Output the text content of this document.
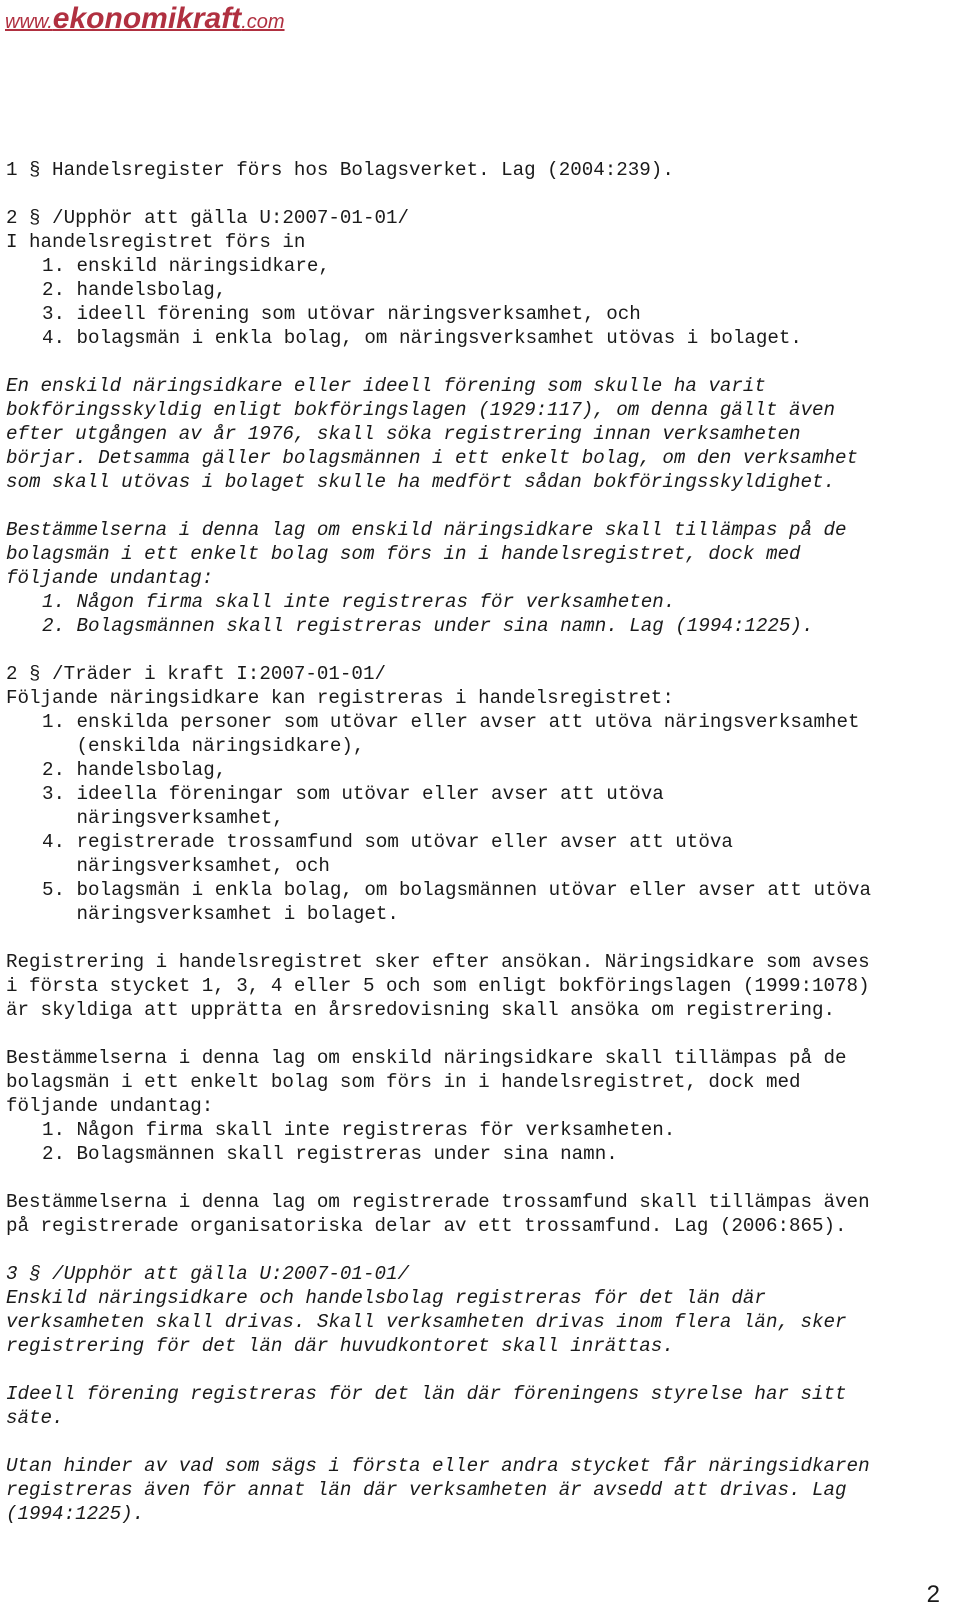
www.ekonomikraft.com
1 § Handelsregister förs hos Bolagsverket. Lag (2004:239).
2 § /Upphör att gälla U:2007-01-01/
I handelsregistret förs in
1. enskild näringsidkare,
2. handelsbolag,
3. ideell förening som utövar näringsverksamhet, och
4. bolagsmän i enkla bolag, om näringsverksamhet utövas i bolaget.
En enskild näringsidkare eller ideell förening som skulle ha varit
bokföringsskyldig enligt bokföringslagen (1929:117), om denna gällt även
efter utgången av år 1976, skall söka registrering innan verksamheten
börjar. Detsamma gäller bolagsmännen i ett enkelt bolag, om den verksamhet
som skall utövas i bolaget skulle ha medfört sådan bokföringsskyldighet.
Bestämmelserna i denna lag om enskild näringsidkare skall tillämpas på de
bolagsmän i ett enkelt bolag som förs in i handelsregistret, dock med
följande undantag:
1. Någon firma skall inte registreras för verksamheten.
2. Bolagsmännen skall registreras under sina namn. Lag (1994:1225).
2 § /Träder i kraft I:2007-01-01/
Följande näringsidkare kan registreras i handelsregistret:
1. enskilda personer som utövar eller avser att utöva näringsverksamhet
(enskilda näringsidkare),
2. handelsbolag,
3. ideella föreningar som utövar eller avser att utöva
näringsverksamhet,
4. registrerade trossamfund som utövar eller avser att utöva
näringsverksamhet, och
5. bolagsmän i enkla bolag, om bolagsmännen utövar eller avser att utöva
näringsverksamhet i bolaget.
Registrering i handelsregistret sker efter ansökan. Näringsidkare som avses
i första stycket 1, 3, 4 eller 5 och som enligt bokföringslagen (1999:1078)
är skyldiga att upprätta en årsredovisning skall ansöka om registrering.
Bestämmelserna i denna lag om enskild näringsidkare skall tillämpas på de
bolagsmän i ett enkelt bolag som förs in i handelsregistret, dock med
följande undantag:
1. Någon firma skall inte registreras för verksamheten.
2. Bolagsmännen skall registreras under sina namn.
Bestämmelserna i denna lag om registrerade trossamfund skall tillämpas även
på registrerade organisatoriska delar av ett trossamfund. Lag (2006:865).
3 § /Upphör att gälla U:2007-01-01/
Enskild näringsidkare och handelsbolag registreras för det län där
verksamheten skall drivas. Skall verksamheten drivas inom flera län, sker
registrering för det län där huvudkontoret skall inrättas.
Ideell förening registreras för det län där föreningens styrelse har sitt
säte.
Utan hinder av vad som sägs i första eller andra stycket får näringsidkaren
registreras även för annat län där verksamheten är avsedd att drivas. Lag
(1994:1225).
2
